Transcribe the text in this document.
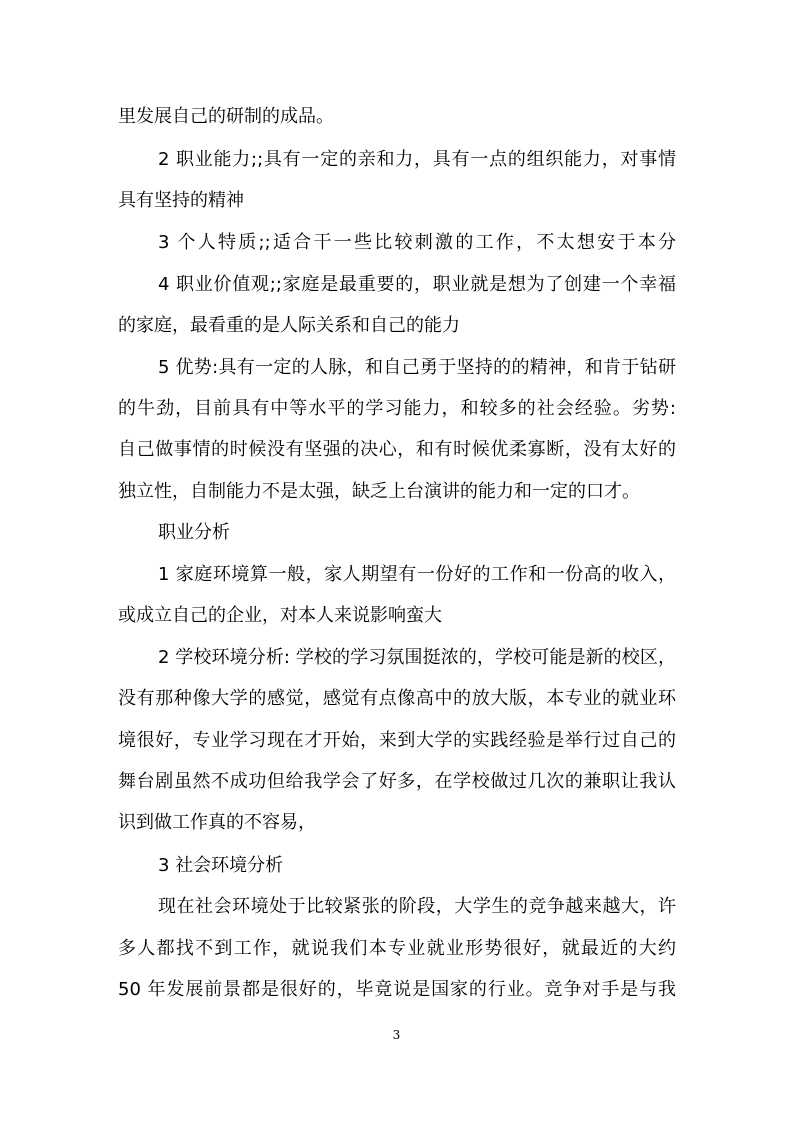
里发展自己的研制的成品。
2 职业能力;;具有一定的亲和力，具有一点的组织能力，对事情
具有坚持的精神
3 个人特质;;适合干一些比较刺激的工作，不太想安于本分
4 职业价值观;;家庭是最重要的，职业就是想为了创建一个幸福
的家庭，最看重的是人际关系和自己的能力
5 优势:具有一定的人脉，和自己勇于坚持的的精神，和肯于钻研
的牛劲，目前具有中等水平的学习能力，和较多的社会经验。劣势:
自己做事情的时候没有坚强的决心，和有时候优柔寡断，没有太好的
独立性，自制能力不是太强，缺乏上台演讲的能力和一定的口才。
职业分析
1 家庭环境算一般，家人期望有一份好的工作和一份高的收入，
或成立自己的企业，对本人来说影响蛮大
2 学校环境分析: 学校的学习氛围挺浓的，学校可能是新的校区，
没有那种像大学的感觉，感觉有点像高中的放大版，本专业的就业环
境很好，专业学习现在才开始，来到大学的实践经验是举行过自己的
舞台剧虽然不成功但给我学会了好多，在学校做过几次的兼职让我认
识到做工作真的不容易，
3 社会环境分析
现在社会环境处于比较紧张的阶段，大学生的竞争越来越大，许
多人都找不到工作，就说我们本专业就业形势很好，就最近的大约
50 年发展前景都是很好的，毕竟说是国家的行业。竞争对手是与我
3
